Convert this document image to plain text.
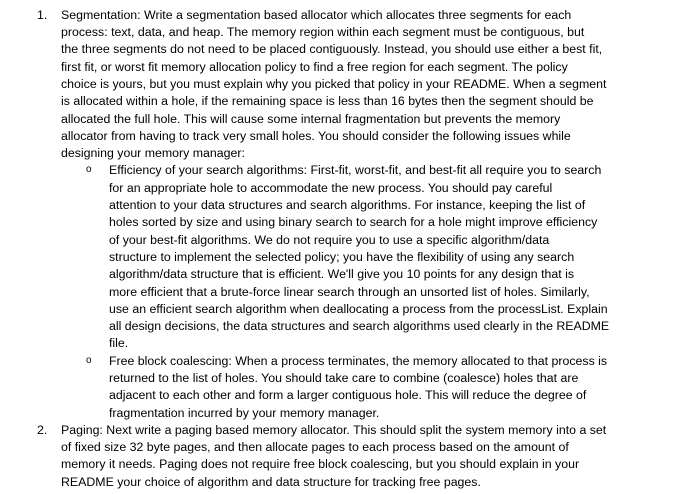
1. Segmentation: Write a segmentation based allocator which allocates three segments for each
process: text, data, and heap. The memory region within each segment must be contiguous, but
the three segments do not need to be placed contiguously. Instead, you should use either a best fit,
first fit, or worst fit memory allocation policy to find a free region for each segment. The policy
choice is yours, but you must explain why you picked that policy in your README. When a segment
is allocated within a hole, if the remaining space is less than 16 bytes then the segment should be
allocated the full hole. This will cause some internal fragmentation but prevents the memory
allocator from having to track very small holes. You should consider the following issues while
designing your memory manager:
o Efficiency of your search algorithms: First-fit, worst-fit, and best-fit all require you to search
for an appropriate hole to accommodate the new process. You should pay careful
attention to your data structures and search algorithms. For instance, keeping the list of
holes sorted by size and using binary search to search for a hole might improve efficiency
of your best-fit algorithms. We do not require you to use a specific algorithm/data
structure to implement the selected policy; you have the flexibility of using any search
algorithm/data structure that is efficient. We'll give you 10 points for any design that is
more efficient that a brute-force linear search through an unsorted list of holes. Similarly,
use an efficient search algorithm when deallocating a process from the processList. Explain
all design decisions, the data structures and search algorithms used clearly in the README
file.
o Free block coalescing: When a process terminates, the memory allocated to that process is
returned to the list of holes. You should take care to combine (coalesce) holes that are
adjacent to each other and form a larger contiguous hole. This will reduce the degree of
fragmentation incurred by your memory manager.
2. Paging: Next write a paging based memory allocator. This should split the system memory into a set
of fixed size 32 byte pages, and then allocate pages to each process based on the amount of
memory it needs. Paging does not require free block coalescing, but you should explain in your
README your choice of algorithm and data structure for tracking free pages.
